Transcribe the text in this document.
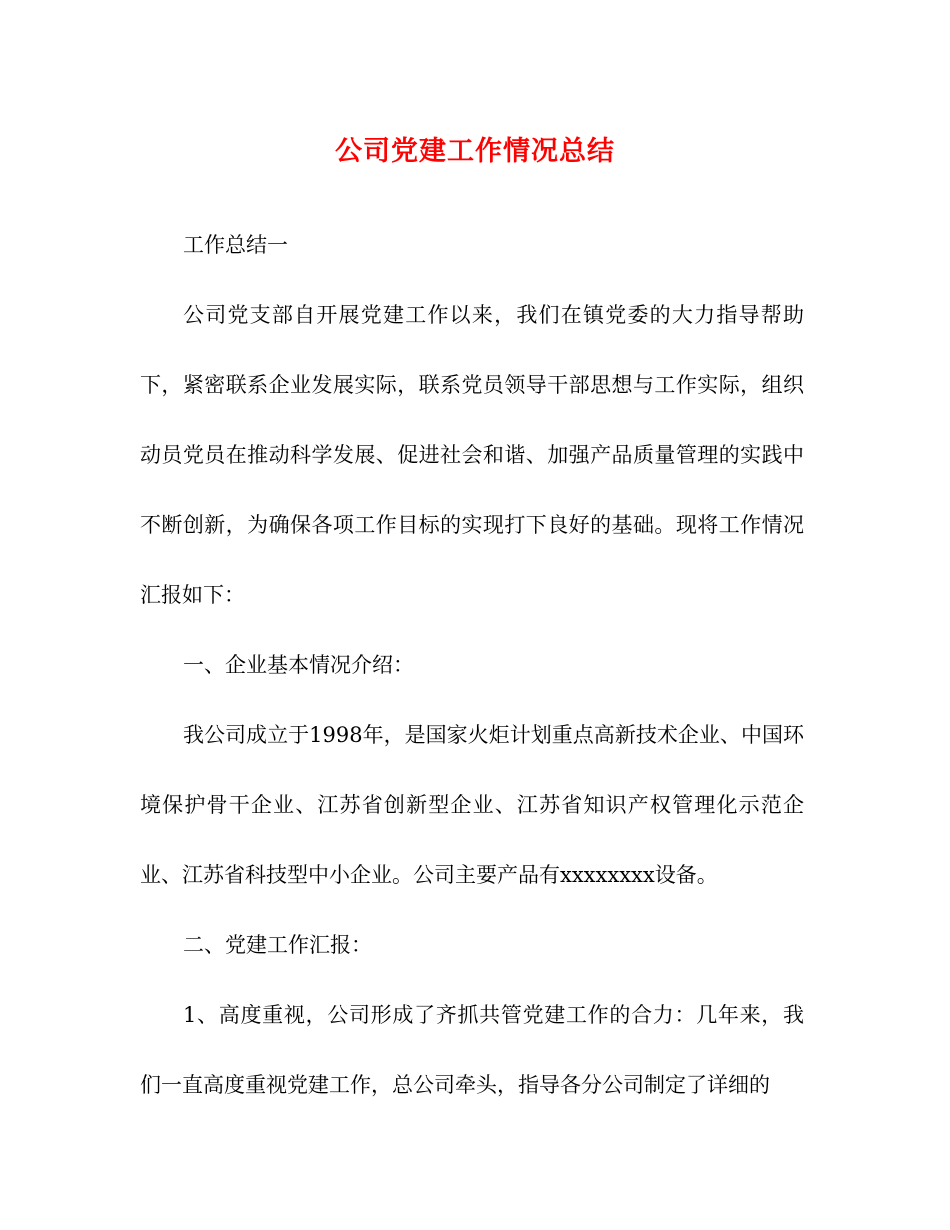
公司党建工作情况总结

工作总结一

公司党支部自开展党建工作以来，我们在镇党委的大力指导帮助下，紧密联系企业发展实际，联系党员领导干部思想与工作实际，组织动员党员在推动科学发展、促进社会和谐、加强产品质量管理的实践中不断创新，为确保各项工作目标的实现打下良好的基础。现将工作情况汇报如下：

一、企业基本情况介绍：

我公司成立于1998年，是国家火炬计划重点高新技术企业、中国环境保护骨干企业、江苏省创新型企业、江苏省知识产权管理化示范企业、江苏省科技型中小企业。公司主要产品有xxxxxxxx设备。

二、党建工作汇报：

1、高度重视，公司形成了齐抓共管党建工作的合力：几年来，我们一直高度重视党建工作，总公司牵头，指导各分公司制定了详细的
